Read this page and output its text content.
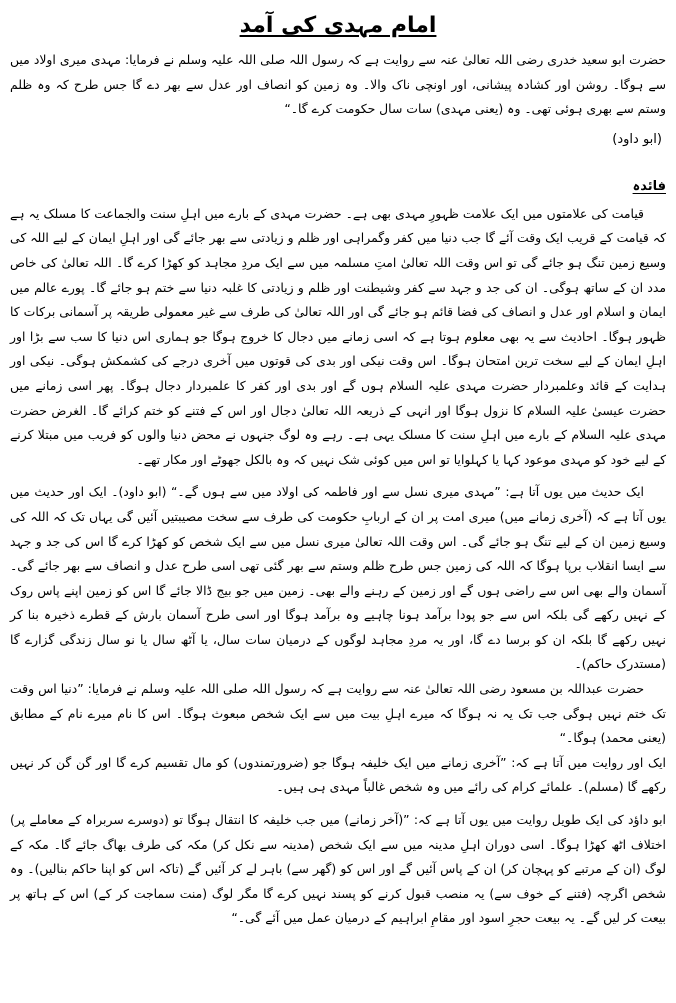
امام مہدی کی آمد

حضرت ابو سعید خدری رضی اللہ تعالیٰ عنہ سے روایت ہے کہ رسول اللہ صلی اللہ علیہ وسلم نے فرمایا: مہدی میری اولاد میں سے ہوگا۔ روشن اور کشادہ پیشانی، اور اونچی ناک والا۔ وہ زمین کو انصاف اور عدل سے بھر دے گا جس طرح کہ وہ ظلم وستم سے بھری ہوئی تھی۔ وہ (یعنی مہدی) سات سال حکومت کرے گا۔“

(ابو داود)

فائدہ

قیامت کی علامتوں میں ایک علامت ظہورِ مہدی بھی ہے۔ حضرت مہدی کے بارے میں اہلِ سنت والجماعت کا مسلک یہ ہے کہ قیامت کے قریب ایک وقت آئے گا جب دنیا میں کفر وگمراہی اور ظلم و زیادتی سے بھر جائے گی اور اہلِ ایمان کے لیے اللہ کی وسیع زمین تنگ ہو جائے گی تو اس وقت اللہ تعالیٰ امتِ مسلمہ میں سے ایک مردِ مجاہد کو کھڑا کرے گا۔ اللہ تعالیٰ کی خاص مدد ان کے ساتھ ہوگی۔ ان کی جد و جہد سے کفر وشیطنت اور ظلم و زیادتی کا غلبہ دنیا سے ختم ہو جائے گا۔ پورے عالم میں ایمان و اسلام اور عدل و انصاف کی فضا قائم ہو جائے گی اور اللہ تعالیٰ کی طرف سے غیر معمولی طریقہ پر آسمانی برکات کا ظہور ہوگا۔ احادیث سے یہ بھی معلوم ہوتا ہے کہ اسی زمانے میں دجال کا خروج ہوگا جو ہماری اس دنیا کا سب سے بڑا اور اہلِ ایمان کے لیے سخت ترین امتحان ہوگا۔ اس وقت نیکی اور بدی کی قوتوں میں آخری درجے کی کشمکش ہوگی۔ نیکی اور ہدایت کے قائد وعلمبردار حضرت مہدی علیہ السلام ہوں گے اور بدی اور کفر کا علمبردار دجال ہوگا۔ پھر اسی زمانے میں حضرت عیسیٰ علیہ السلام کا نزول ہوگا اور انہی کے ذریعہ اللہ تعالیٰ دجال اور اس کے فتنے کو ختم کرائے گا۔ الغرض حضرت مہدی علیہ السلام کے بارے میں اہلِ سنت کا مسلک یہی ہے۔ رہے وہ لوگ جنہوں نے محض دنیا والوں کو فریب میں مبتلا کرنے کے لیے خود کو مہدی موعود کہا یا کہلوایا تو اس میں کوئی شک نہیں کہ وہ بالکل جھوٹے اور مکار تھے۔

ایک حدیث میں یوں آتا ہے: ”مہدی میری نسل سے اور فاطمہ کی اولاد میں سے ہوں گے۔“ (ابو داود)۔ ایک اور حدیث میں یوں آتا ہے کہ (آخری زمانے میں) میری امت پر ان کے اربابِ حکومت کی طرف سے سخت مصیبتیں آئیں گی یہاں تک کہ اللہ کی وسیع زمین ان کے لیے تنگ ہو جائے گی۔ اس وقت اللہ تعالیٰ میری نسل میں سے ایک شخص کو کھڑا کرے گا اس کی جد و جہد سے ایسا انقلاب برپا ہوگا کہ اللہ کی زمین جس طرح ظلم وستم سے بھر گئی تھی اسی طرح عدل و انصاف سے بھر جائے گی۔ آسمان والے بھی اس سے راضی ہوں گے اور زمین کے رہنے والے بھی۔ زمین میں جو بیج ڈالا جائے گا اس کو زمین اپنے پاس روک کے نہیں رکھے گی بلکہ اس سے جو پودا برآمد ہونا چاہیے وہ برآمد ہوگا اور اسی طرح آسمان بارش کے قطرے ذخیرہ بنا کر نہیں رکھے گا بلکہ ان کو برسا دے گا، اور یہ مردِ مجاہد لوگوں کے درمیان سات سال، یا آٹھ سال یا نو سال زندگی گزارے گا (مستدرک حاکم)۔

حضرت عبداللہ بن مسعود رضی اللہ تعالیٰ عنہ سے روایت ہے کہ رسول اللہ صلی اللہ علیہ وسلم نے فرمایا: ”دنیا اس وقت تک ختم نہیں ہوگی جب تک یہ نہ ہوگا کہ میرے اہلِ بیت میں سے ایک شخص مبعوث ہوگا۔ اس کا نام میرے نام کے مطابق (یعنی محمد) ہوگا۔“

ایک اور روایت میں آتا ہے کہ: ”آخری زمانے میں ایک خلیفہ ہوگا جو (ضرورتمندوں) کو مال تقسیم کرے گا اور گن گن کر نہیں رکھے گا (مسلم)۔ علمائے کرام کی رائے میں وہ شخص غالباً مہدی ہی ہیں۔

ابو داؤد کی ایک طویل روایت میں یوں آتا ہے کہ: ”(آخر زمانے) میں جب خلیفہ کا انتقال ہوگا تو (دوسرے سربراہ کے معاملے پر) اختلاف اٹھ کھڑا ہوگا۔ اسی دوران اہلِ مدینہ میں سے ایک شخص (مدینہ سے نکل کر) مکہ کی طرف بھاگ جائے گا۔ مکہ کے لوگ (ان کے مرتبے کو پہچان کر) ان کے پاس آئیں گے اور اس کو (گھر سے) باہر لے کر آئیں گے (تاکہ اس کو اپنا حاکم بنالیں)۔ وہ شخص اگرچہ (فتنے کے خوف سے) یہ منصب قبول کرنے کو پسند نہیں کرے گا مگر لوگ (منت سماجت کر کے) اس کے ہاتھ پر بیعت کر لیں گے۔ یہ بیعت حجرِ اسود اور مقامِ ابراہیم کے درمیان عمل میں آئے گی۔“
